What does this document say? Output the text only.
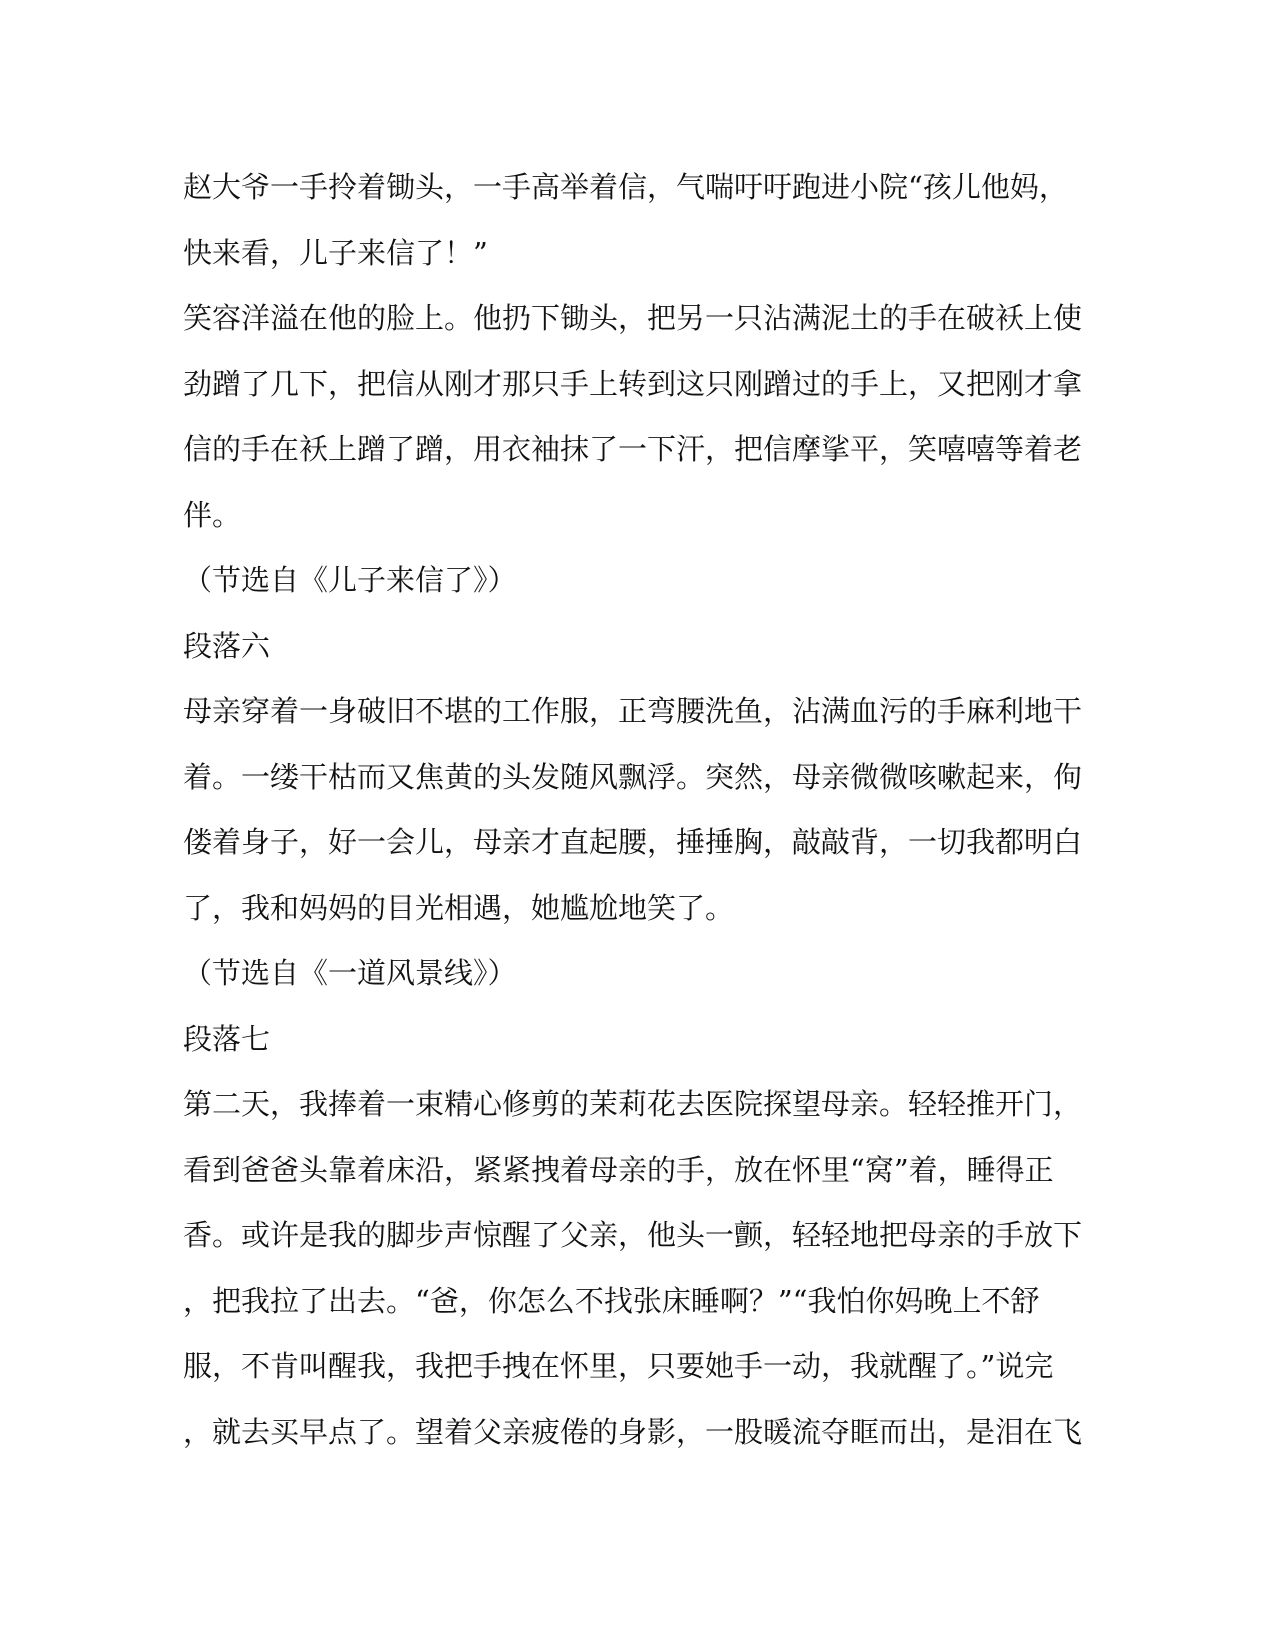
赵大爷一手拎着锄头，一手高举着信，气喘吁吁跑进小院“孩儿他妈，
快来看，儿子来信了！”
笑容洋溢在他的脸上。他扔下锄头，把另一只沾满泥土的手在破袄上使
劲蹭了几下，把信从刚才那只手上转到这只刚蹭过的手上，又把刚才拿
信的手在袄上蹭了蹭，用衣袖抹了一下汗，把信摩挲平，笑嘻嘻等着老
伴。
（节选自《儿子来信了》）
段落六
母亲穿着一身破旧不堪的工作服，正弯腰洗鱼，沾满血污的手麻利地干
着。一缕干枯而又焦黄的头发随风飘浮。突然，母亲微微咳嗽起来，佝
偻着身子，好一会儿，母亲才直起腰，捶捶胸，敲敲背，一切我都明白
了，我和妈妈的目光相遇，她尴尬地笑了。
（节选自《一道风景线》）
段落七
第二天，我捧着一束精心修剪的茉莉花去医院探望母亲。轻轻推开门，
看到爸爸头靠着床沿，紧紧拽着母亲的手，放在怀里“窝”着，睡得正
香。或许是我的脚步声惊醒了父亲，他头一颤，轻轻地把母亲的手放下
，把我拉了出去。“爸，你怎么不找张床睡啊？”“我怕你妈晚上不舒
服，不肯叫醒我，我把手拽在怀里，只要她手一动，我就醒了。”说完
，就去买早点了。望着父亲疲倦的身影，一股暖流夺眶而出，是泪在飞
